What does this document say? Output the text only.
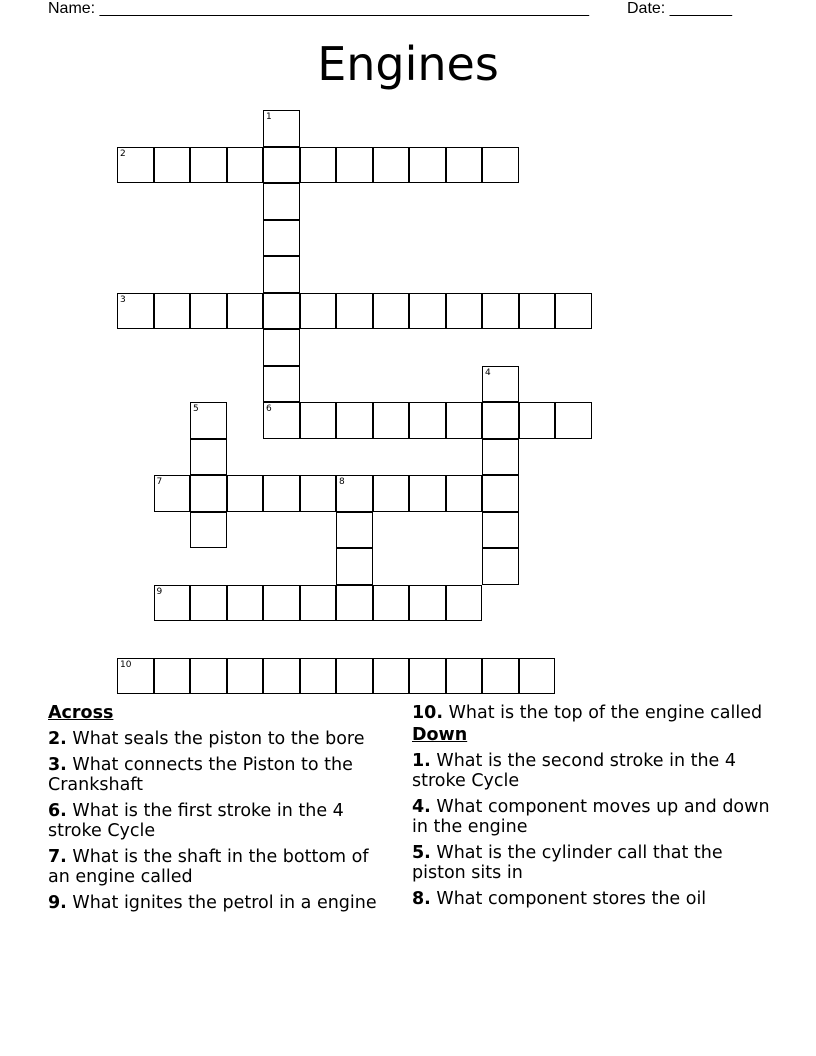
Name: _______________________________________________________ Date: _______
Engines
1
6
2
3
4
5
7	8
9
10
Across
2. What seals the piston to the bore
3. What connects the Piston to the Crankshaft
6. What is the first stroke in the 4 stroke Cycle
7. What is the shaft in the bottom of an engine called
9. What ignites the petrol in a engine
10. What is the top of the engine called
Down
1. What is the second stroke in the 4 stroke Cycle
4. What component moves up and down in the engine
5. What is the cylinder call that the piston sits in
8. What component stores the oil
